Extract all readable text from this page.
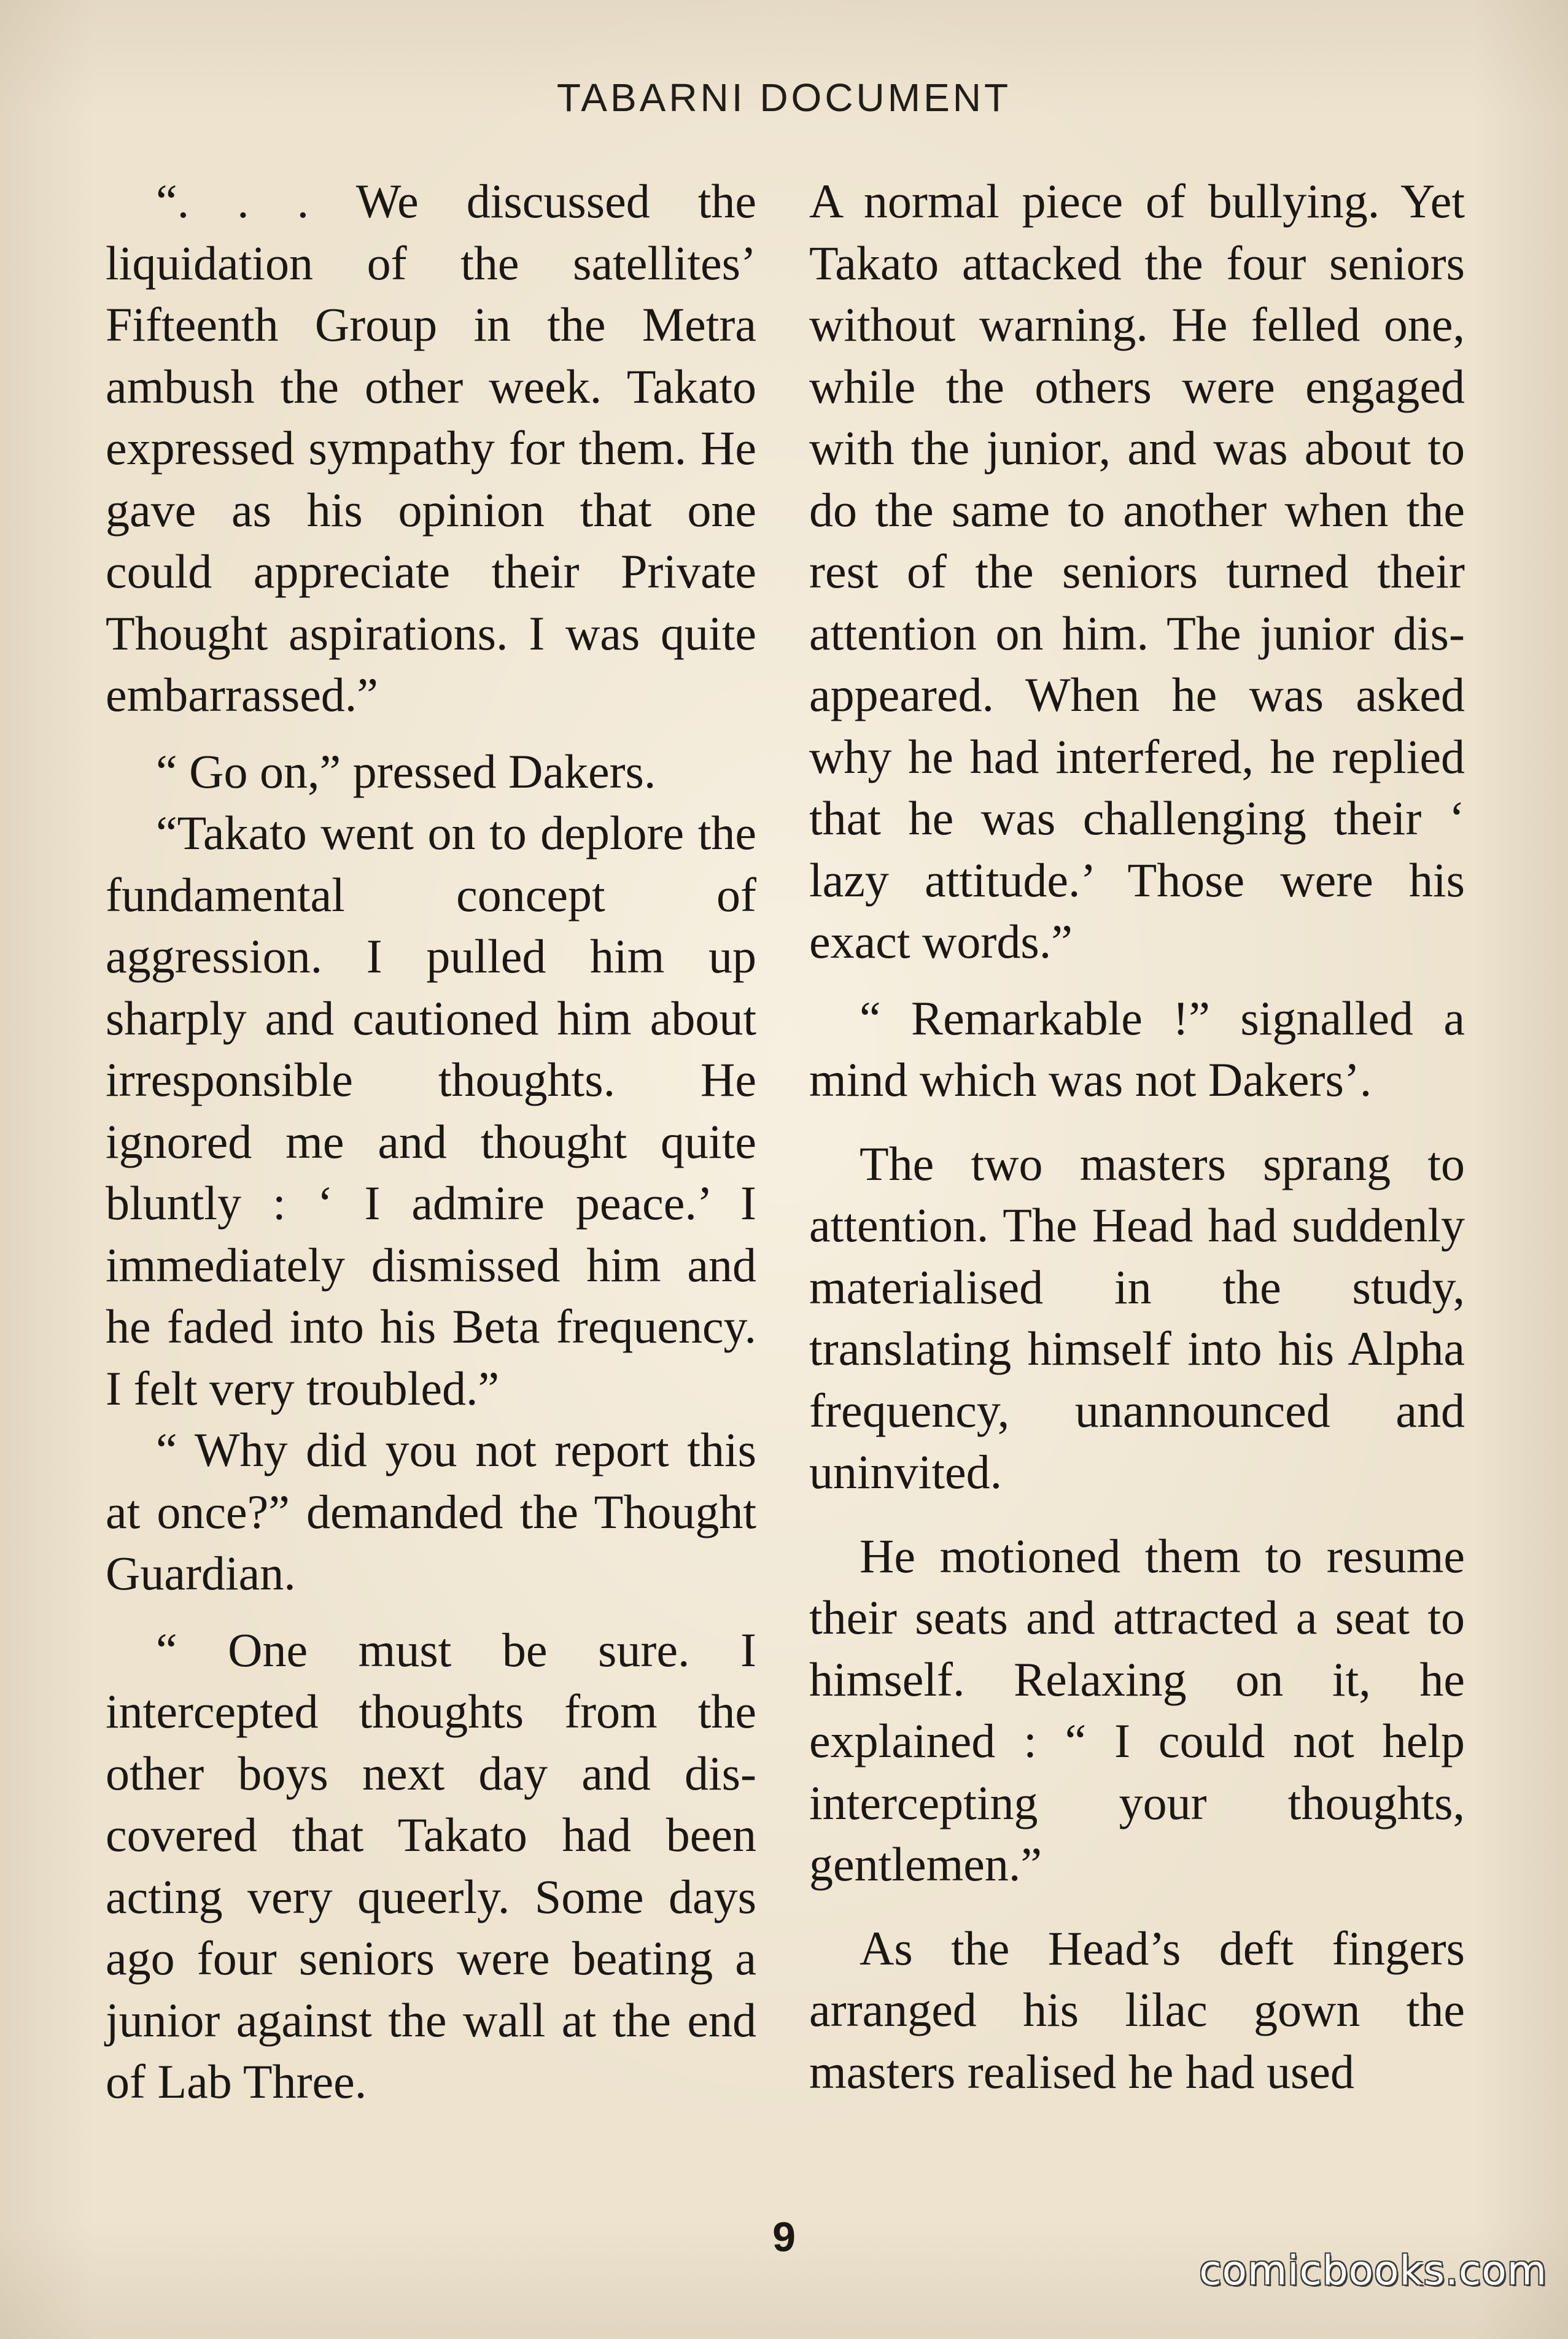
TABARNI DOCUMENT

“. . . We discussed the liquidation of the satellites’ Fifteenth Group in the Metra ambush the other week. Takato expressed sympathy for them. He gave as his opinion that one could appreciate their Private Thought aspirations. I was quite embarrassed.”

“ Go on,” pressed Dakers.

“Takato went on to deplore the fundamental concept of aggression. I pulled him up sharply and cautioned him about irresponsible thoughts. He ignored me and thought quite bluntly : ‘ I admire peace.’ I immediately dismissed him and he faded into his Beta frequency. I felt very troubled.”

“ Why did you not report this at once?” demanded the Thought Guardian.

“ One must be sure. I intercepted thoughts from the other boys next day and discovered that Takato had been acting very queerly. Some days ago four seniors were beating a junior against the wall at the end of Lab Three.

A normal piece of bullying. Yet Takato attacked the four seniors without warning. He felled one, while the others were engaged with the junior, and was about to do the same to another when the rest of the seniors turned their attention on him. The junior disappeared. When he was asked why he had interfered, he replied that he was challenging their ‘ lazy attitude.’ Those were his exact words.”

“ Remarkable !” signalled a mind which was not Dakers’.

The two masters sprang to attention. The Head had suddenly materialised in the study, translating himself into his Alpha frequency, unannounced and uninvited.

He motioned them to resume their seats and attracted a seat to himself. Relaxing on it, he explained : “ I could not help intercepting your thoughts, gentlemen.”

As the Head’s deft fingers arranged his lilac gown the masters realised he had used

9
comicbooks.com
